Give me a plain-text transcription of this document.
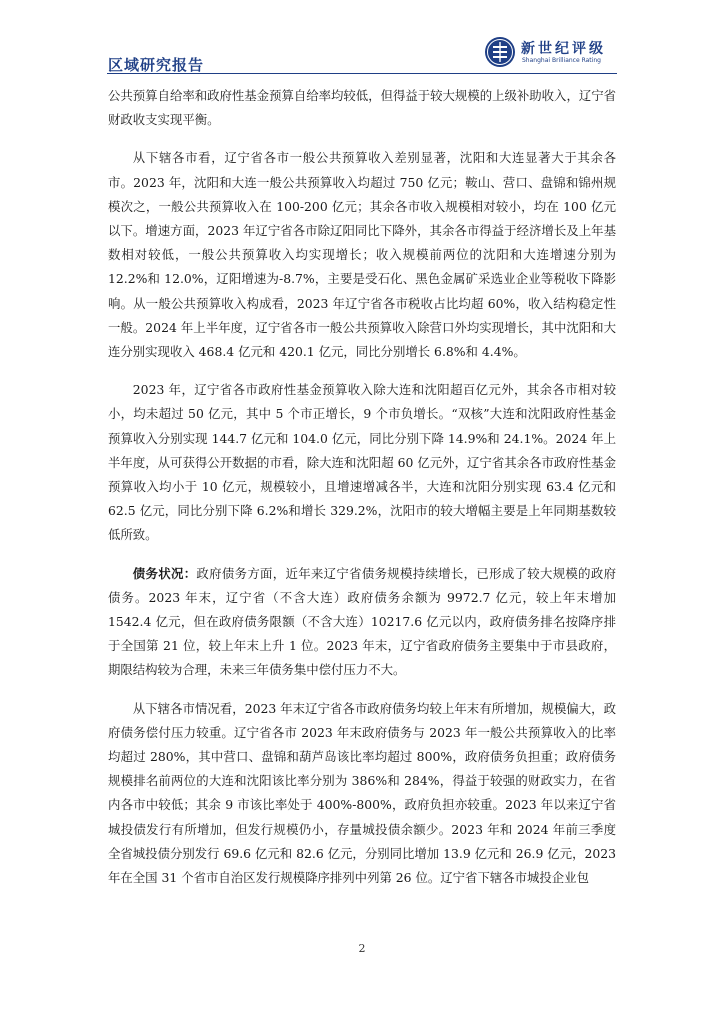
区域研究报告
新世纪评级
Shanghai Brilliance Rating

公共预算自给率和政府性基金预算自给率均较低，但得益于较大规模的上级补助收入，辽宁省财政收支实现平衡。

从下辖各市看，辽宁省各市一般公共预算收入差别显著，沈阳和大连显著大于其余各市。2023 年，沈阳和大连一般公共预算收入均超过 750 亿元；鞍山、营口、盘锦和锦州规模次之，一般公共预算收入在 100-200 亿元；其余各市收入规模相对较小，均在 100 亿元以下。增速方面，2023 年辽宁省各市除辽阳同比下降外，其余各市得益于经济增长及上年基数相对较低，一般公共预算收入均实现增长；收入规模前两位的沈阳和大连增速分别为 12.2%和 12.0%，辽阳增速为-8.7%，主要是受石化、黑色金属矿采选业企业等税收下降影响。从一般公共预算收入构成看，2023 年辽宁省各市税收占比均超 60%，收入结构稳定性一般。2024 年上半年度，辽宁省各市一般公共预算收入除营口外均实现增长，其中沈阳和大连分别实现收入 468.4 亿元和 420.1 亿元，同比分别增长 6.8%和 4.4%。

2023 年，辽宁省各市政府性基金预算收入除大连和沈阳超百亿元外，其余各市相对较小，均未超过 50 亿元，其中 5 个市正增长，9 个市负增长。“双核”大连和沈阳政府性基金预算收入分别实现 144.7 亿元和 104.0 亿元，同比分别下降 14.9%和 24.1%。2024 年上半年度，从可获得公开数据的市看，除大连和沈阳超 60 亿元外，辽宁省其余各市政府性基金预算收入均小于 10 亿元，规模较小，且增速增减各半，大连和沈阳分别实现 63.4 亿元和 62.5 亿元，同比分别下降 6.2%和增长 329.2%，沈阳市的较大增幅主要是上年同期基数较低所致。

债务状况：政府债务方面，近年来辽宁省债务规模持续增长，已形成了较大规模的政府债务。2023 年末，辽宁省（不含大连）政府债务余额为 9972.7 亿元，较上年末增加 1542.4 亿元，但在政府债务限额（不含大连）10217.6 亿元以内，政府债务排名按降序排于全国第 21 位，较上年末上升 1 位。2023 年末，辽宁省政府债务主要集中于市县政府，期限结构较为合理，未来三年债务集中偿付压力不大。

从下辖各市情况看，2023 年末辽宁省各市政府债务均较上年末有所增加，规模偏大，政府债务偿付压力较重。辽宁省各市 2023 年末政府债务与 2023 年一般公共预算收入的比率均超过 280%，其中营口、盘锦和葫芦岛该比率均超过 800%，政府债务负担重；政府债务规模排名前两位的大连和沈阳该比率分别为 386%和 284%，得益于较强的财政实力，在省内各市中较低；其余 9 市该比率处于 400%-800%，政府负担亦较重。2023 年以来辽宁省城投债发行有所增加，但发行规模仍小，存量城投债余额少。2023 年和 2024 年前三季度全省城投债分别发行 69.6 亿元和 82.6 亿元，分别同比增加 13.9 亿元和 26.9 亿元，2023 年在全国 31 个省市自治区发行规模降序排列中列第 26 位。辽宁省下辖各市城投企业包

2
